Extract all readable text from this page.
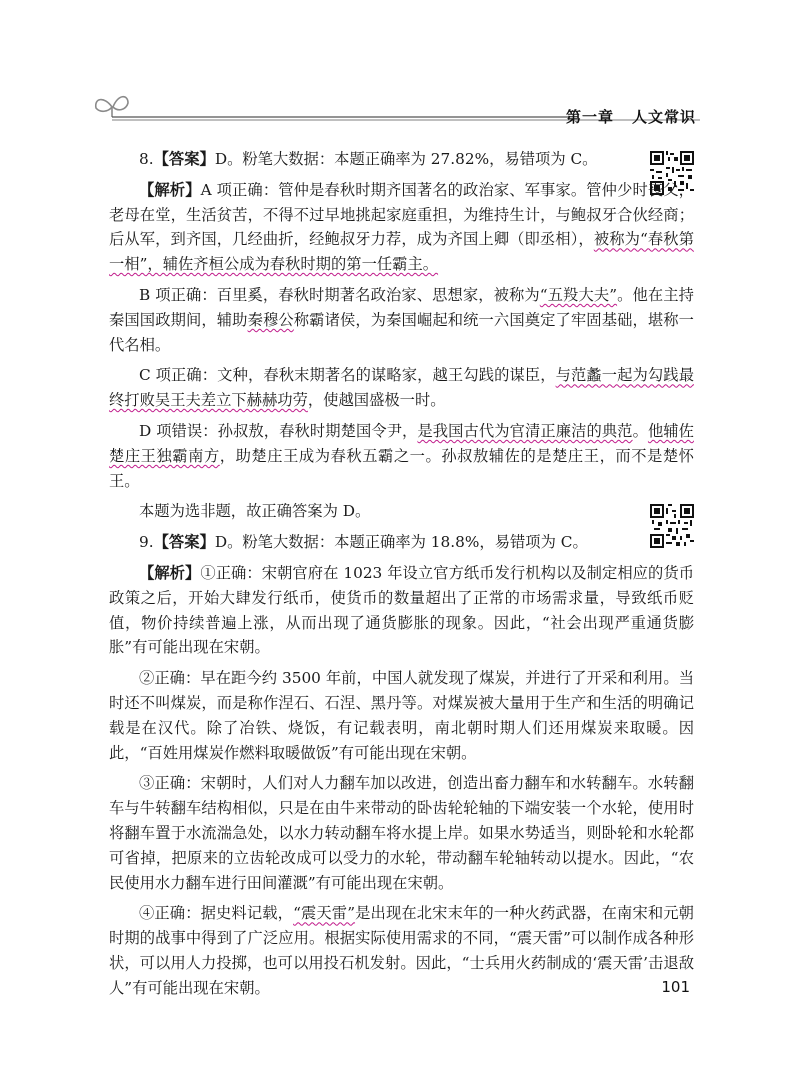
第一章 人文常识

8.【答案】D。粉笔大数据：本题正确率为 27.82%，易错项为 C。

【解析】A 项正确：管仲是春秋时期齐国著名的政治家、军事家。管仲少时丧父，老母在堂，生活贫苦，不得不过早地挑起家庭重担，为维持生计，与鲍叔牙合伙经商；后从军，到齐国，几经曲折，经鲍叔牙力荐，成为齐国上卿（即丞相），被称为“春秋第一相”，辅佐齐桓公成为春秋时期的第一任霸主。

B 项正确：百里奚，春秋时期著名政治家、思想家，被称为“五羖大夫”。他在主持秦国国政期间，辅助秦穆公称霸诸侯，为秦国崛起和统一六国奠定了牢固基础，堪称一代名相。

C 项正确：文种，春秋末期著名的谋略家，越王勾践的谋臣，与范蠡一起为勾践最终打败吴王夫差立下赫赫功劳，使越国盛极一时。

D 项错误：孙叔敖，春秋时期楚国令尹，是我国古代为官清正廉洁的典范。他辅佐楚庄王独霸南方，助楚庄王成为春秋五霸之一。孙叔敖辅佐的是楚庄王，而不是楚怀王。

本题为选非题，故正确答案为 D。

9.【答案】D。粉笔大数据：本题正确率为 18.8%，易错项为 C。

【解析】①正确：宋朝官府在 1023 年设立官方纸币发行机构以及制定相应的货币政策之后，开始大肆发行纸币，使货币的数量超出了正常的市场需求量，导致纸币贬值，物价持续普遍上涨，从而出现了通货膨胀的现象。因此，“社会出现严重通货膨胀”有可能出现在宋朝。

②正确：早在距今约 3500 年前，中国人就发现了煤炭，并进行了开采和利用。当时还不叫煤炭，而是称作涅石、石涅、黑丹等。对煤炭被大量用于生产和生活的明确记载是在汉代。除了冶铁、烧饭，有记载表明，南北朝时期人们还用煤炭来取暖。因此，“百姓用煤炭作燃料取暖做饭”有可能出现在宋朝。

③正确：宋朝时，人们对人力翻车加以改进，创造出畜力翻车和水转翻车。水转翻车与牛转翻车结构相似，只是在由牛来带动的卧齿轮轮轴的下端安装一个水轮，使用时将翻车置于水流湍急处，以水力转动翻车将水提上岸。如果水势适当，则卧轮和水轮都可省掉，把原来的立齿轮改成可以受力的水轮，带动翻车轮轴转动以提水。因此，“农民使用水力翻车进行田间灌溉”有可能出现在宋朝。

④正确：据史料记载，“震天雷”是出现在北宋末年的一种火药武器，在南宋和元朝时期的战事中得到了广泛应用。根据实际使用需求的不同，“震天雷”可以制作成各种形状，可以用人力投掷，也可以用投石机发射。因此，“士兵用火药制成的‘震天雷’击退敌人”有可能出现在宋朝。	101
